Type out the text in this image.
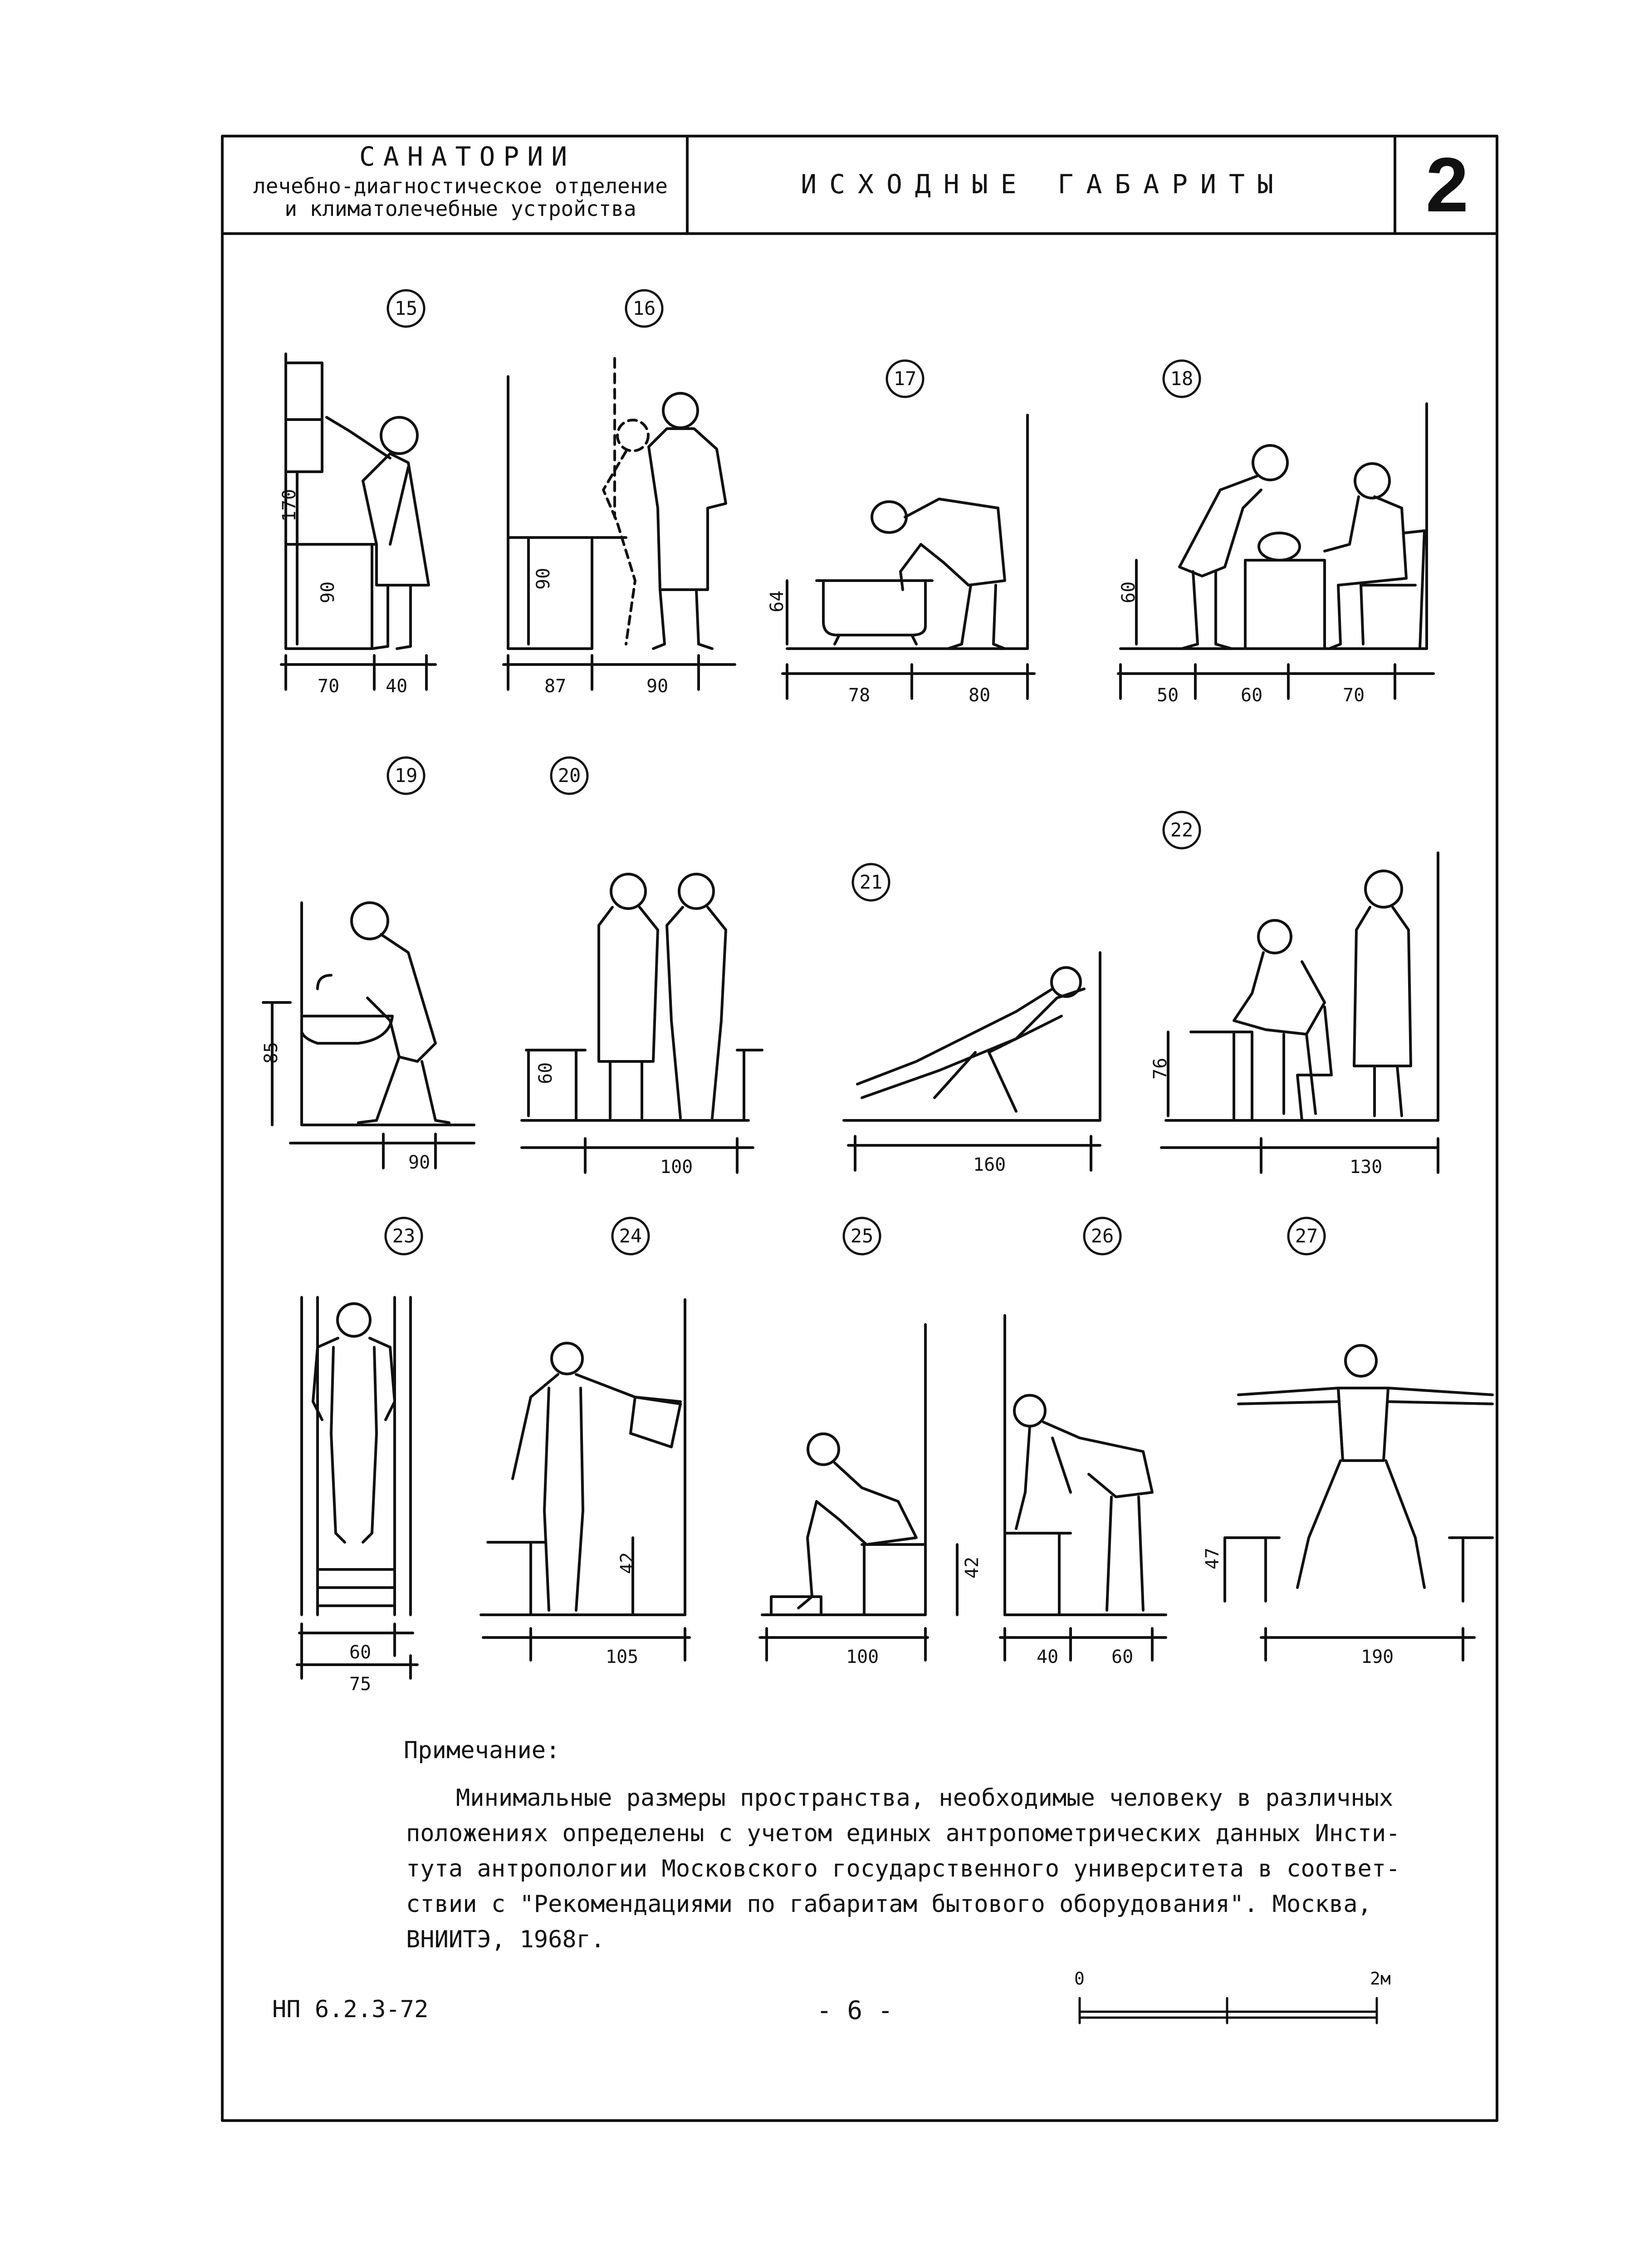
САНАТОРИИ
лечебно-диагностическое отделение
и климатолечебные устройства
ИСХОДНЫЕ ГАБАРИТЫ	2
15
70	40
170
90
16
87	90
90
17
78	80
64
18
50	60	70
60
19
90
85
20
100
60
21
160
22
130
76
23
60
75
24
105
42
25
100
42
26
40	60
27
190
47
Примечание:
Минимальные размеры пространства, необходимые человеку в различных
положениях определены с учетом единых антропометрических данных Инсти-
тута антропологии Московского государственного университета в соответ-
ствии с "Рекомендациями по габаритам бытового оборудования". Москва,
ВНИИТЭ, 1968г.
НП 6.2.3-72	- 6 -
0	2м
